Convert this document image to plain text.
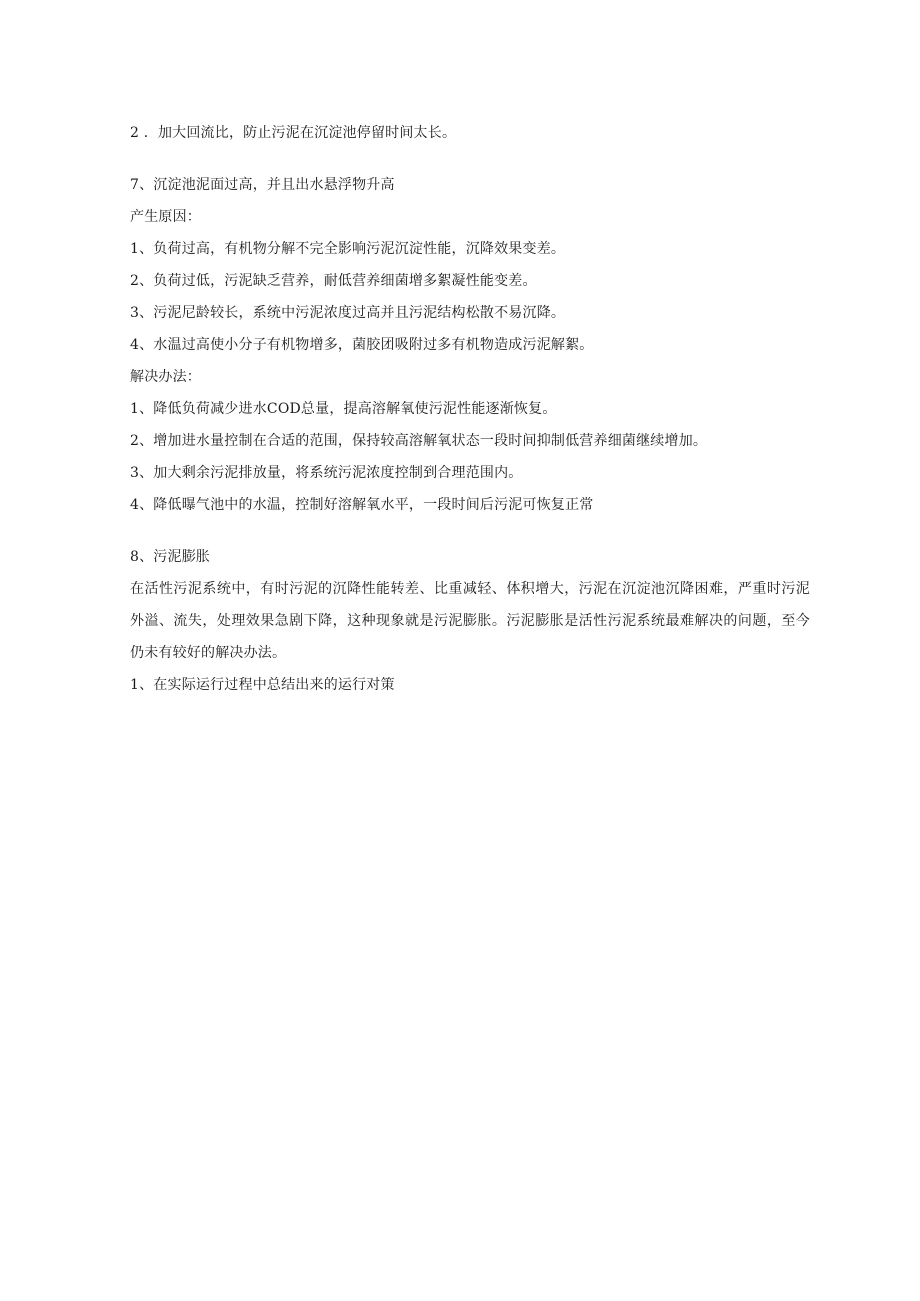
2 ．加大回流比，防止污泥在沉淀池停留时间太长。
7、沉淀池泥面过高，并且出水悬浮物升高
产生原因：
1、负荷过高，有机物分解不完全影响污泥沉淀性能，沉降效果变差。
2、负荷过低，污泥缺乏营养，耐低营养细菌增多絮凝性能变差。
3、污泥尼龄较长，系统中污泥浓度过高并且污泥结构松散不易沉降。
4、水温过高使小分子有机物增多，菌胶团吸附过多有机物造成污泥解絮。
解决办法：
1、降低负荷减少进水COD总量，提高溶解氧使污泥性能逐渐恢复。
2、增加进水量控制在合适的范围，保持较高溶解氧状态一段时间抑制低营养细菌继续增加。
3、加大剩余污泥排放量，将系统污泥浓度控制到合理范围内。
4、降低曝气池中的水温，控制好溶解氧水平，一段时间后污泥可恢复正常
8、污泥膨胀
在活性污泥系统中，有时污泥的沉降性能转差、比重减轻、体积增大，污泥在沉淀池沉降困难，严重时污泥外溢、流失，处理效果急剧下降，这种现象就是污泥膨胀。污泥膨胀是活性污泥系统最难解决的问题，至今仍未有较好的解决办法。
1、在实际运行过程中总结出来的运行对策
